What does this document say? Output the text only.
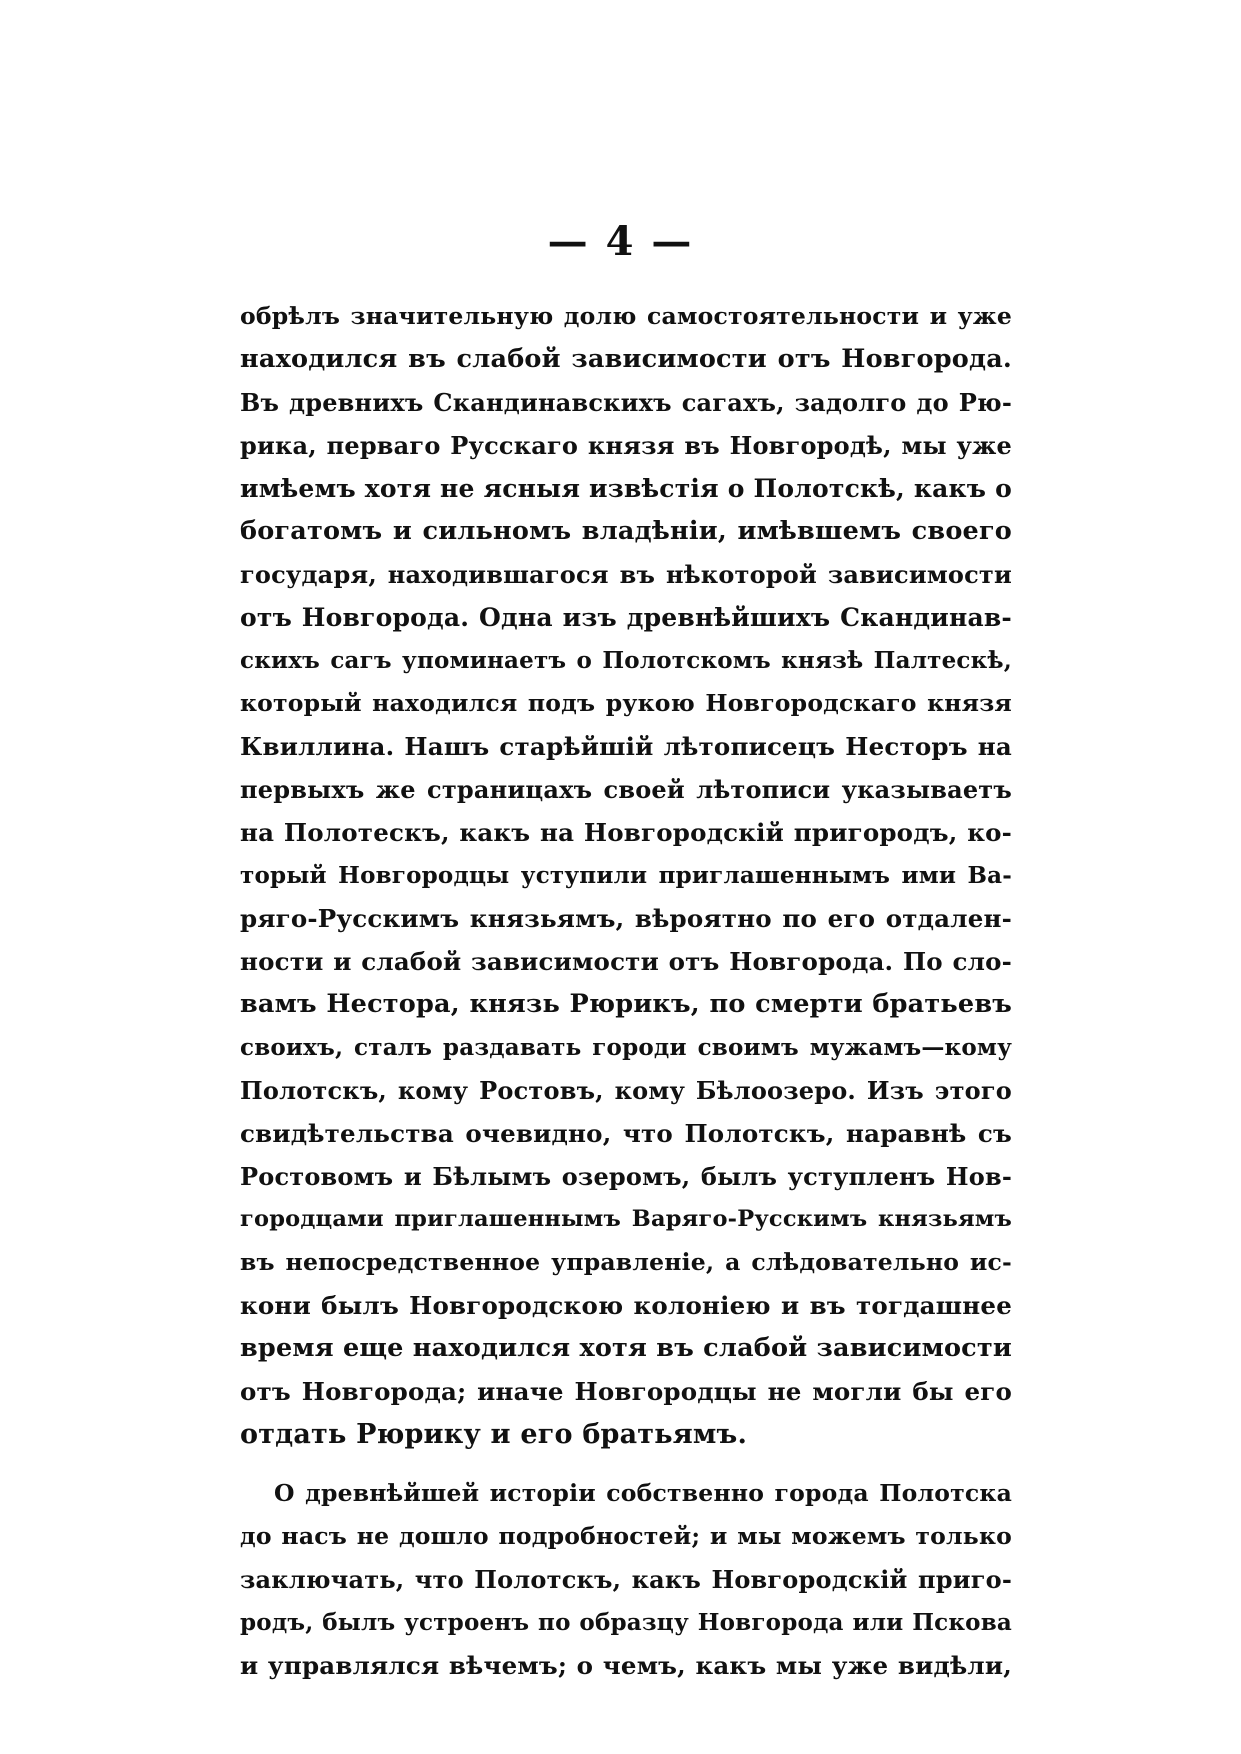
— 4 —
обрѣлъ значительную долю самостоятельности и уже
находился въ слабой зависимости отъ Новгорода.
Въ древнихъ Скандинавскихъ сагахъ, задолго до Рю-
рика, перваго Русскаго князя въ Новгородѣ, мы уже
имѣемъ хотя не ясныя извѣстія о Полотскѣ, какъ о
богатомъ и сильномъ владѣніи, имѣвшемъ своего
государя, находившагося въ нѣкоторой зависимости
отъ Новгорода. Одна изъ древнѣйшихъ Скандинав-
скихъ сагъ упоминаетъ о Полотскомъ князѣ Палтескѣ,
который находился подъ рукою Новгородскаго князя
Квиллина. Нашъ старѣйшій лѣтописецъ Несторъ на
первыхъ же страницахъ своей лѣтописи указываетъ
на Полотескъ, какъ на Новгородскій пригородъ, ко-
торый Новгородцы уступили приглашеннымъ ими Ва-
ряго-Русскимъ князьямъ, вѣроятно по его отдален-
ности и слабой зависимости отъ Новгорода. По сло-
вамъ Нестора, князь Рюрикъ, по смерти братьевъ
своихъ, сталъ раздавать городи своимъ мужамъ—кому
Полотскъ, кому Ростовъ, кому Бѣлоозеро. Изъ этого
свидѣтельства очевидно, что Полотскъ, наравнѣ съ
Ростовомъ и Бѣлымъ озеромъ, былъ уступленъ Нов-
городцами приглашеннымъ Варяго-Русскимъ князьямъ
въ непосредственное управленіе, а слѣдовательно ис-
кони былъ Новгородскою колоніею и въ тогдашнее
время еще находился хотя въ слабой зависимости
отъ Новгорода; иначе Новгородцы не могли бы его
отдать Рюрику и его братьямъ.
О древнѣйшей исторіи собственно города Полотска
до насъ не дошло подробностей; и мы можемъ только
заключать, что Полотскъ, какъ Новгородскій приго-
родъ, былъ устроенъ по образцу Новгорода или Пскова
и управлялся вѣчемъ; о чемъ, какъ мы уже видѣли,
